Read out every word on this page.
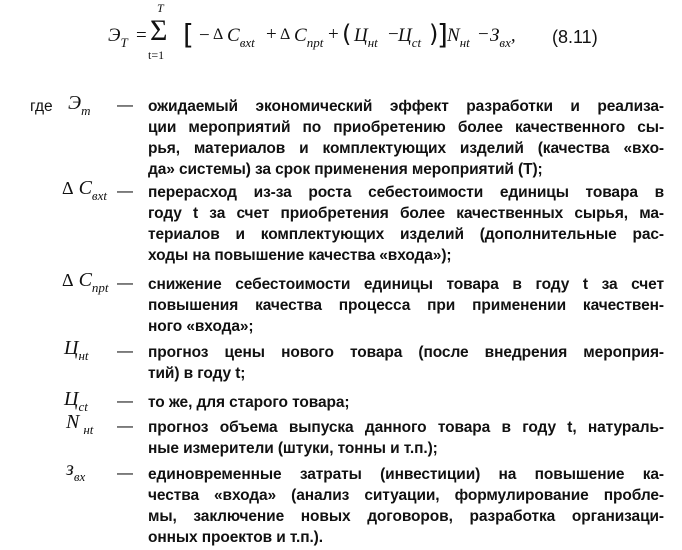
$Э_T$ =
T
Σ
t=1
[ − Δ $C_{вxt} + \Delta$ $C_{npt}$ + ( $Ц_{нt} - Ц_{ct}$ )
] $N_{нt} - З_{вх}$, (8.11)
где $Э_т$ — ожидаемый экономический эффект разработки и реализа-
ции мероприятий по приобретению более качественного сы-
рья, материалов и комплектующих изделий (качества «вхо-
да» системы) за срок применения мероприятий (Т);
Δ $C_{вxt}$ — перерасход из-за роста себестоимости единицы товара в
году t за счет приобретения более качественных сырья, ма-
териалов и комплектующих изделий (дополнительные рас-
ходы на повышение качества «входа»);
Δ $C_{npt}$ — снижение себестоимости единицы товара в году t за счет
повышения качества процесса при применении качествен-
ного «входа»;
$Ц_{нt}$ — прогноз цены нового товара (после внедрения мероприя-
тий) в году t;
$Ц_{ct}$ — то же, для старого товара;
N $_{нt}$ — прогноз объема выпуска данного товара в году t, натураль-
ные измерители (штуки, тонны и т.п.);
$з_{вх}$ — единовременные затраты (инвестиции) на повышение ка-
чества «входа» (анализ ситуации, формулирование пробле-
мы, заключение новых договоров, разработка организаци-
онных проектов и т.п.).
